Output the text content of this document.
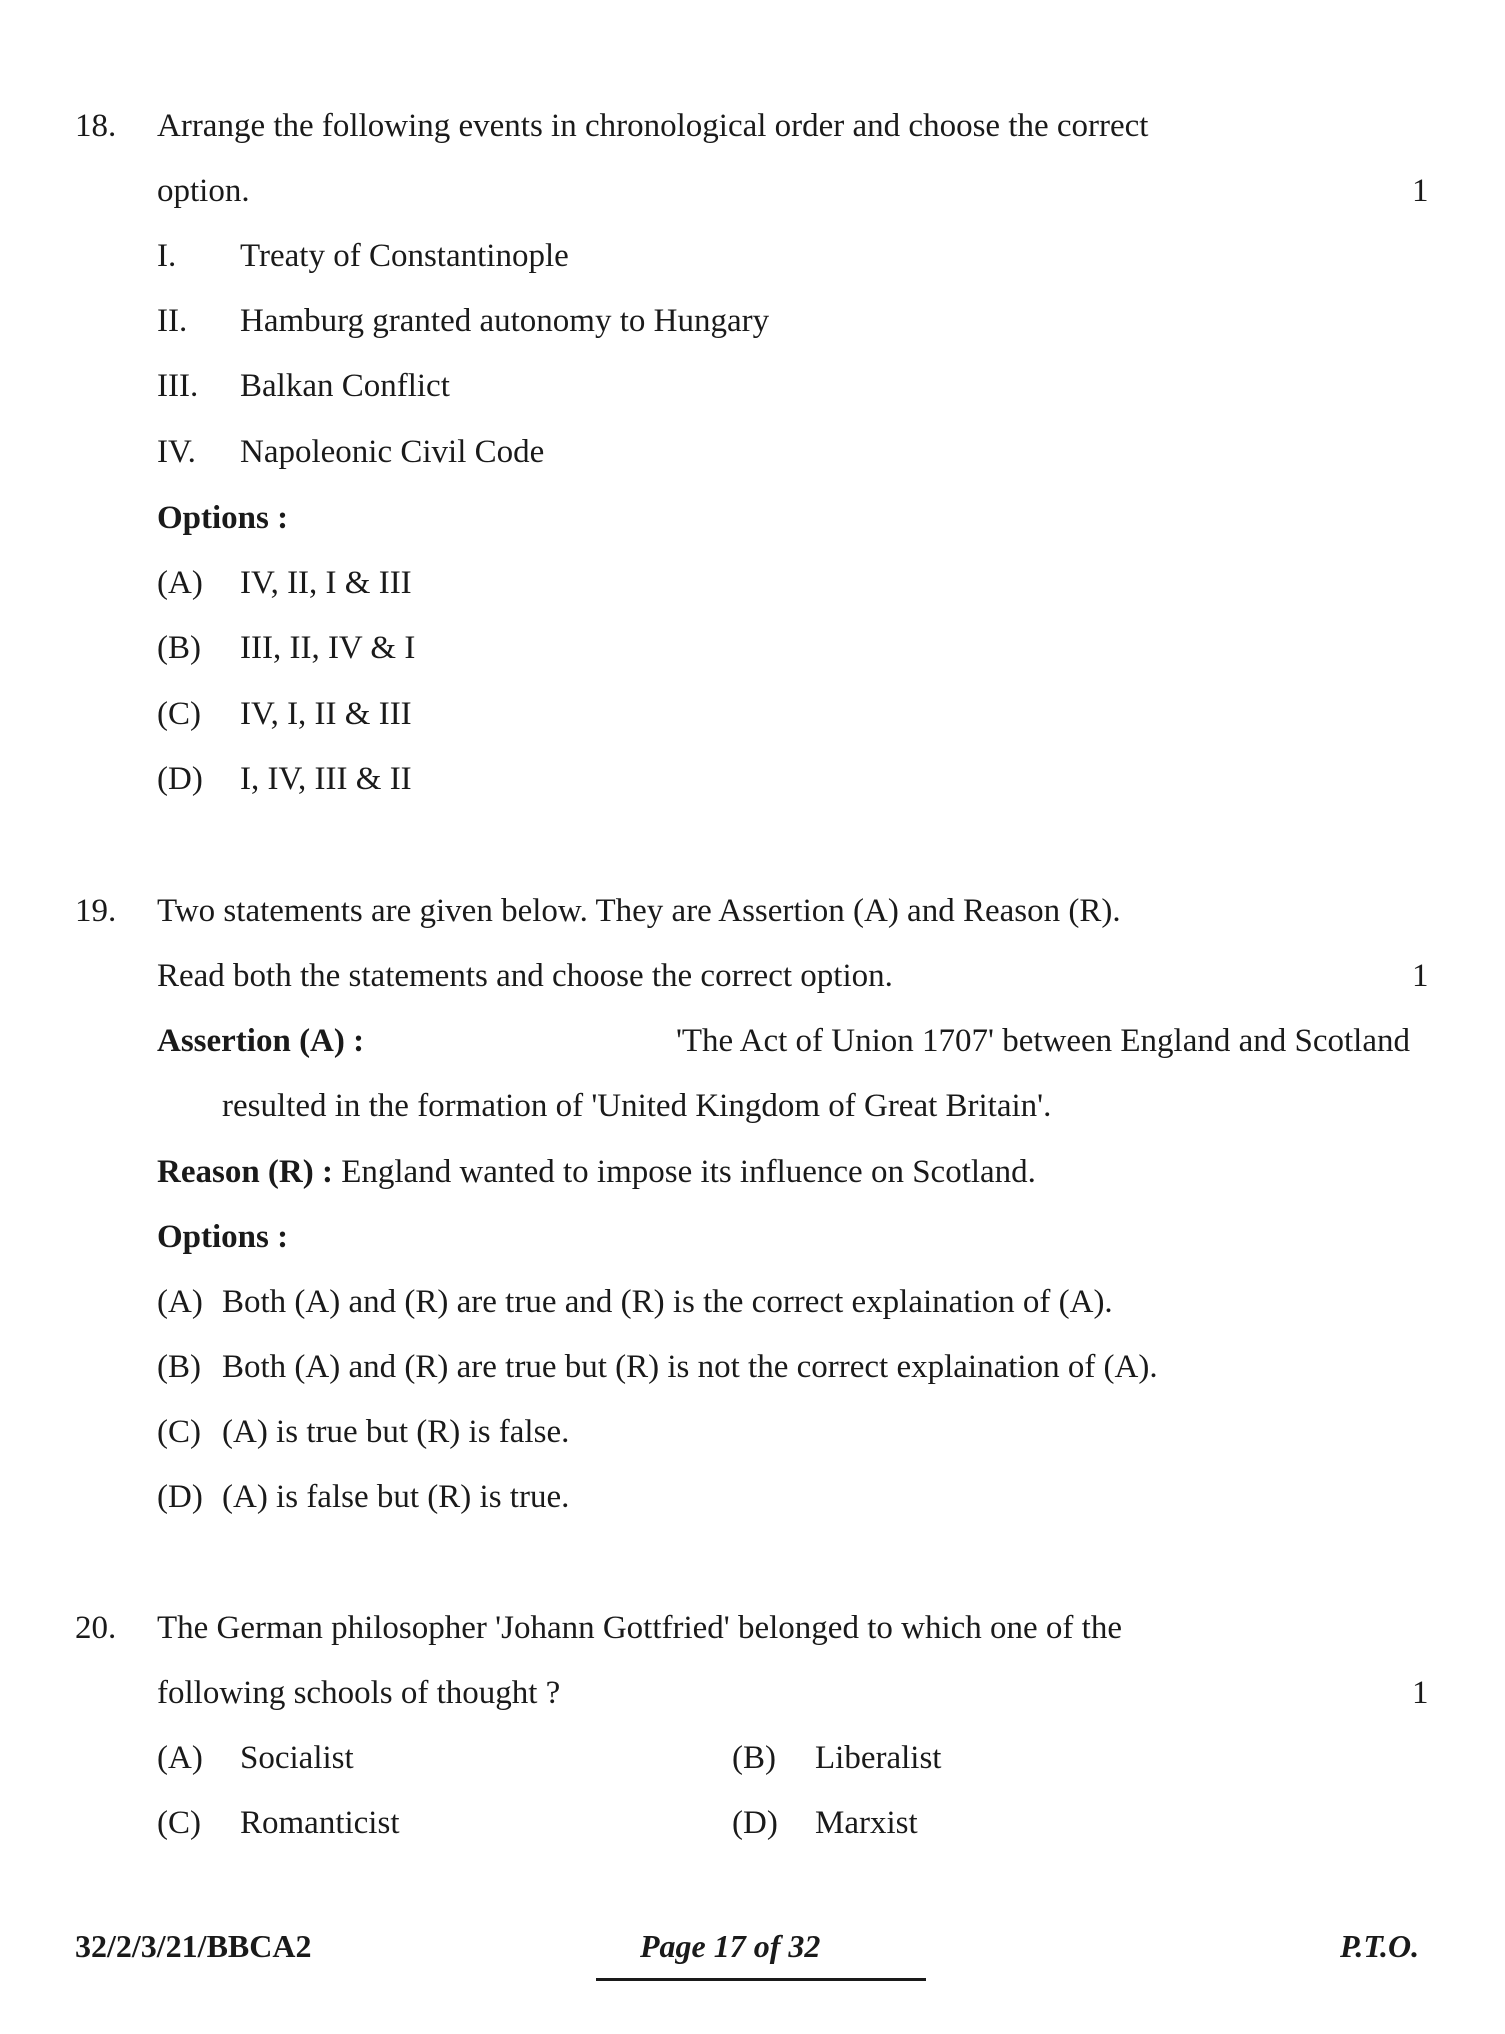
18. Arrange the following events in chronological order and choose the correct
option.	1
I. Treaty of Constantinople
II. Hamburg granted autonomy to Hungary
III. Balkan Conflict
IV. Napoleonic Civil Code
Options :
(A) IV, II, I & III
(B) III, II, IV & I
(C) IV, I, II & III
(D) I, IV, III & II
19. Two statements are given below. They are Assertion (A) and Reason (R).
Read both the statements and choose the correct option.	1
Assertion (A) :	'The Act of Union 1707' between England and Scotland
resulted in the formation of 'United Kingdom of Great Britain'.
Reason (R) : England wanted to impose its influence on Scotland.
Options :
(A) Both (A) and (R) are true and (R) is the correct explaination of (A).
(B) Both (A) and (R) are true but (R) is not the correct explaination of (A).
(C) (A) is true but (R) is false.
(D) (A) is false but (R) is true.
20. The German philosopher 'Johann Gottfried' belonged to which one of the
following schools of thought ?	1
(A) Socialist	(B) Liberalist
(C) Romanticist	(D) Marxist
32/2/3/21/BBCA2	Page 17 of 32	P.T.O.
